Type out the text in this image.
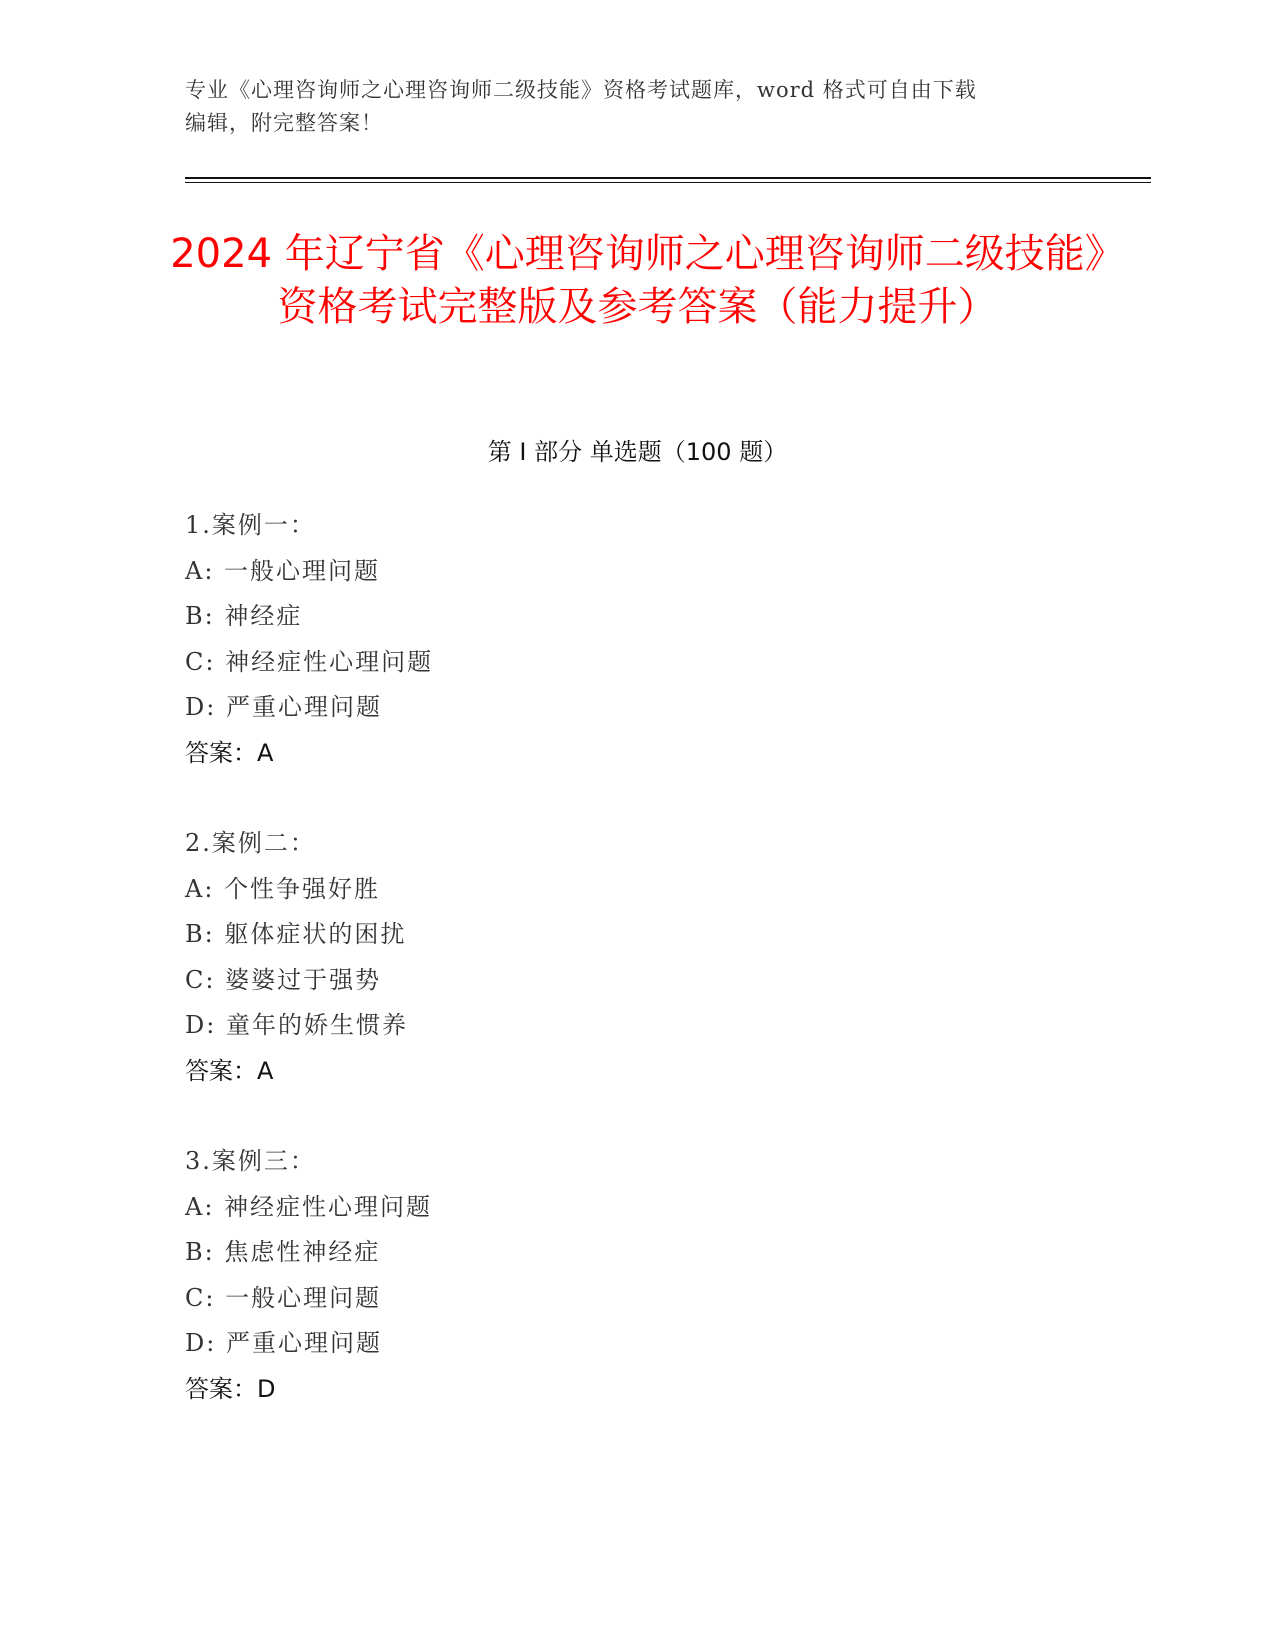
专业《心理咨询师之心理咨询师二级技能》资格考试题库，word 格式可自由下载
编辑，附完整答案！
2024 年辽宁省《心理咨询师之心理咨询师二级技能》资格考试完整版及参考答案（能力提升）
第 I 部分 单选题（100 题）
1.案例一：
A: 一般心理问题
B: 神经症
C: 神经症性心理问题
D: 严重心理问题
答案：A
2.案例二：
A: 个性争强好胜
B: 躯体症状的困扰
C: 婆婆过于强势
D: 童年的娇生惯养
答案：A
3.案例三：
A: 神经症性心理问题
B: 焦虑性神经症
C: 一般心理问题
D: 严重心理问题
答案：D
